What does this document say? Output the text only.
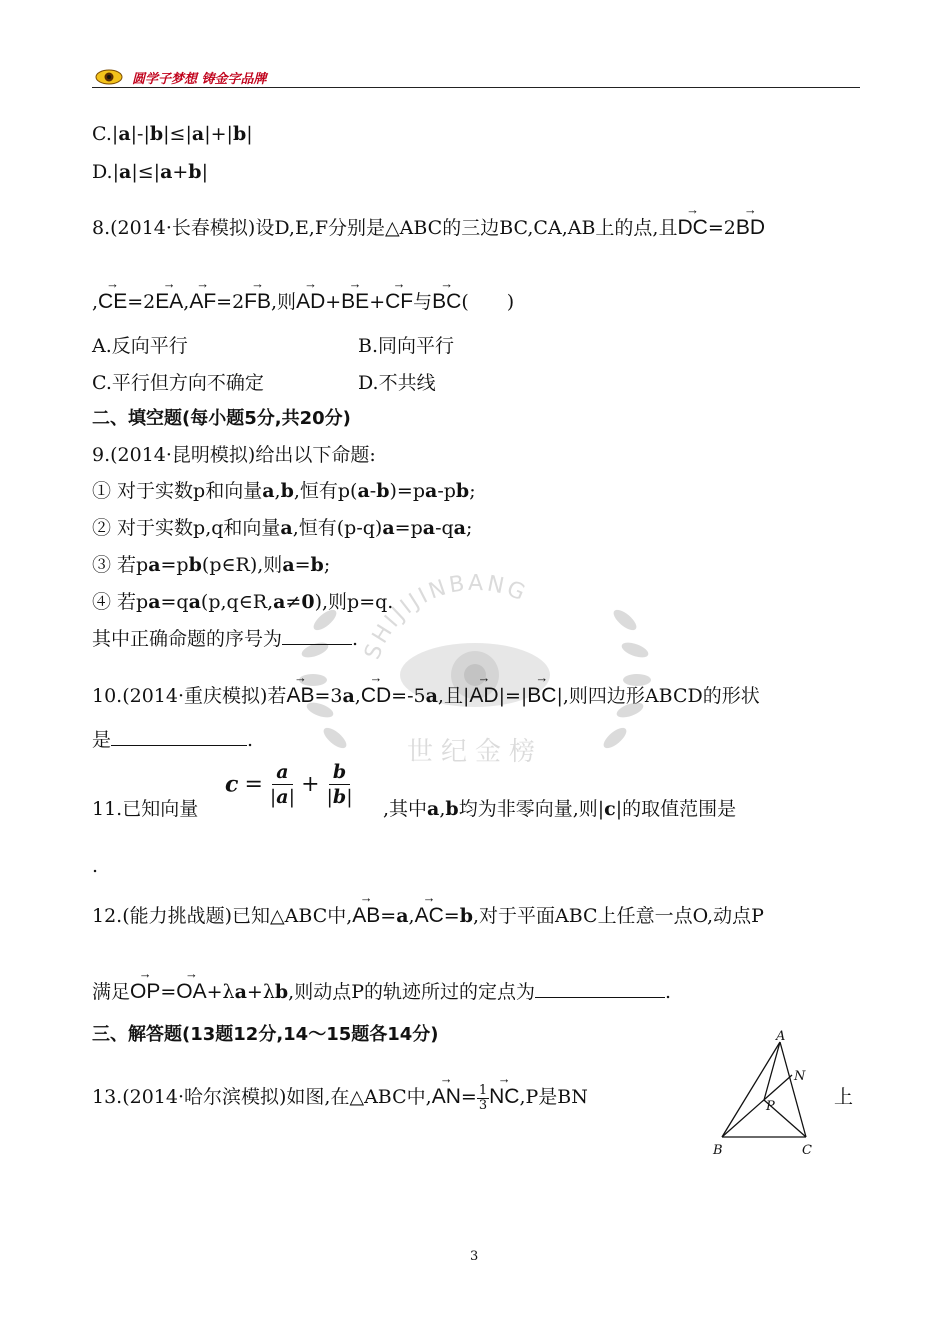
圆学子梦想 铸金字品牌
SHIJIJINBANG
世纪金榜
C.|a|-|b|≤|a|+|b|
D.|a|≤|a+b|
8.(2014·长春模拟)设D,E,F分别是△ABC的三边BC,CA,AB上的点,且→ DC=2→ BD
,→ CE=2→ EA,→ AF=2→ FB,则→ AD+→ BE+→ CF与→ BC(　　)
A.反向平行	B.同向平行
C.平行但方向不确定	D.不共线
二、填空题(每小题5分,共20分)
9.(2014·昆明模拟)给出以下命题:
① 对于实数p和向量a,b,恒有p(a-b)=pa-pb;
② 对于实数p,q和向量a,恒有(p-q)a=pa-qa;
③ 若pa=pb(p∈R),则a=b;
④ 若pa=qa(p,q∈R,a≠0),则p=q.
其中正确命题的序号为	.
10.(2014·重庆模拟)若→ AB=3a,→ CD=-5a,且|→ AD|=|→ BC|,则四边形ABCD的形状
是	.
11.已知向量
$c = \frac{a}{|a|} + \frac{b}{|b|}$ ,其中a,b均为非零向量,则|c|的取值范围是
.
12.(能力挑战题)已知△ABC中,→ AB=a,→ AC=b,对于平面ABC上任意一点O,动点P
满足→ OP=→ OA+λa+λb,则动点P的轨迹所过的定点为	.
三、解答题(13题12分,14～15题各14分)
13.(2014·哈尔滨模拟)如图,在△ABC中,→ $AN= \frac{1}{3}$
→ NC,P是BN	上
A
B	C
N
P
3
